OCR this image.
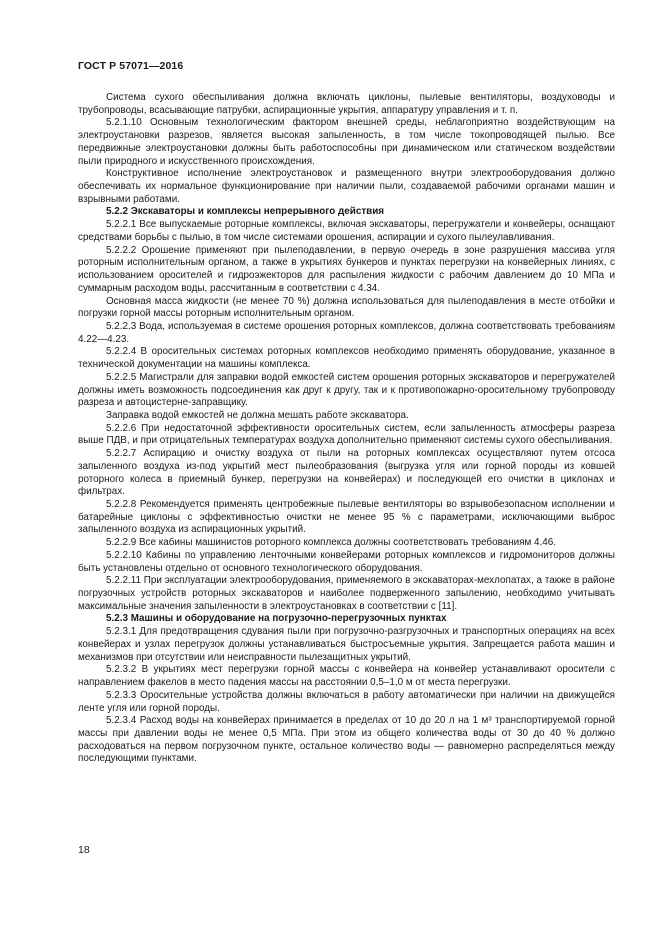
ГОСТ Р 57071—2016

Система сухого обеспыливания должна включать циклоны, пылевые вентиляторы, воздуховоды и трубопроводы, всасывающие патрубки, аспирационные укрытия, аппаратуру управления и т. п.

5.2.1.10 Основным технологическим фактором внешней среды, неблагоприятно воздействующим на электроустановки разрезов, является высокая запыленность, в том числе токопроводящей пылью. Все передвижные электроустановки должны быть работоспособны при динамическом или статическом воздействии пыли природного и искусственного происхождения.

Конструктивное исполнение электроустановок и размещенного внутри электрооборудования должно обеспечивать их нормальное функционирование при наличии пыли, создаваемой рабочими органами машин и взрывными работами.

5.2.2 Экскаваторы и комплексы непрерывного действия

5.2.2.1 Все выпускаемые роторные комплексы, включая экскаваторы, перегружатели и конвейеры, оснащают средствами борьбы с пылью, в том числе системами орошения, аспирации и сухого пылеулавливания.

5.2.2.2 Орошение применяют при пылеподавлении, в первую очередь в зоне разрушения массива угля роторным исполнительным органом, а также в укрытиях бункеров и пунктах перегрузки на конвейерных линиях, с использованием оросителей и гидроэжекторов для распыления жидкости с рабочим давлением до 10 МПа и суммарным расходом воды, рассчитанным в соответствии с 4.34.

Основная масса жидкости (не менее 70 %) должна использоваться для пылеподавления в месте отбойки и погрузки горной массы роторным исполнительным органом.

5.2.2.3 Вода, используемая в системе орошения роторных комплексов, должна соответствовать требованиям 4.22—4.23.

5.2.2.4 В оросительных системах роторных комплексов необходимо применять оборудование, указанное в технической документации на машины комплекса.

5.2.2.5 Магистрали для заправки водой емкостей систем орошения роторных экскаваторов и перегружателей должны иметь возможность подсоединения как друг к другу, так и к противопожарно-оросительному трубопроводу разреза и автоцистерне-заправщику.

Заправка водой емкостей не должна мешать работе экскаватора.

5.2.2.6 При недостаточной эффективности оросительных систем, если запыленность атмосферы разреза выше ПДВ, и при отрицательных температурах воздуха дополнительно применяют системы сухого обеспыливания.

5.2.2.7 Аспирацию и очистку воздуха от пыли на роторных комплексах осуществляют путем отсоса запыленного воздуха из-под укрытий мест пылеобразования (выгрузка угля или горной породы из ковшей роторного колеса в приемный бункер, перегрузки на конвейерах) и последующей его очистки в циклонах и фильтрах.

5.2.2.8 Рекомендуется применять центробежные пылевые вентиляторы во взрывобезопасном исполнении и батарейные циклоны с эффективностью очистки не менее 95 % с параметрами, исключающими выброс запыленного воздуха из аспирационных укрытий.

5.2.2.9 Все кабины машинистов роторного комплекса должны соответствовать требованиям 4.46.

5.2.2.10 Кабины по управлению ленточными конвейерами роторных комплексов и гидромониторов должны быть установлены отдельно от основного технологического оборудования.

5.2.2.11 При эксплуатации электрооборудования, применяемого в экскаваторах-мехлопатах, а также в районе погрузочных устройств роторных экскаваторов и наиболее подверженного запылению, необходимо учитывать максимальные значения запыленности в электроустановках в соответствии с [11].

5.2.3 Машины и оборудование на погрузочно-перегрузочных пунктах

5.2.3.1 Для предотвращения сдувания пыли при погрузочно-разгрузочных и транспортных операциях на всех конвейерах и узлах перегрузок должны устанавливаться быстросъемные укрытия. Запрещается работа машин и механизмов при отсутствии или неисправности пылезащитных укрытий.

5.2.3.2 В укрытиях мест перегрузки горной массы с конвейера на конвейер устанавливают оросители с направлением факелов в место падения массы на расстоянии 0,5–1,0 м от места перегрузки.

5.2.3.3 Оросительные устройства должны включаться в работу автоматически при наличии на движущейся ленте угля или горной породы.

5.2.3.4 Расход воды на конвейерах принимается в пределах от 10 до 20 л на 1 м³ транспортируемой горной массы при давлении воды не менее 0,5 МПа. При этом из общего количества воды от 30 до 40 % должно расходоваться на первом погрузочном пункте, остальное количество воды — равномерно распределяться между последующими пунктами.

18
